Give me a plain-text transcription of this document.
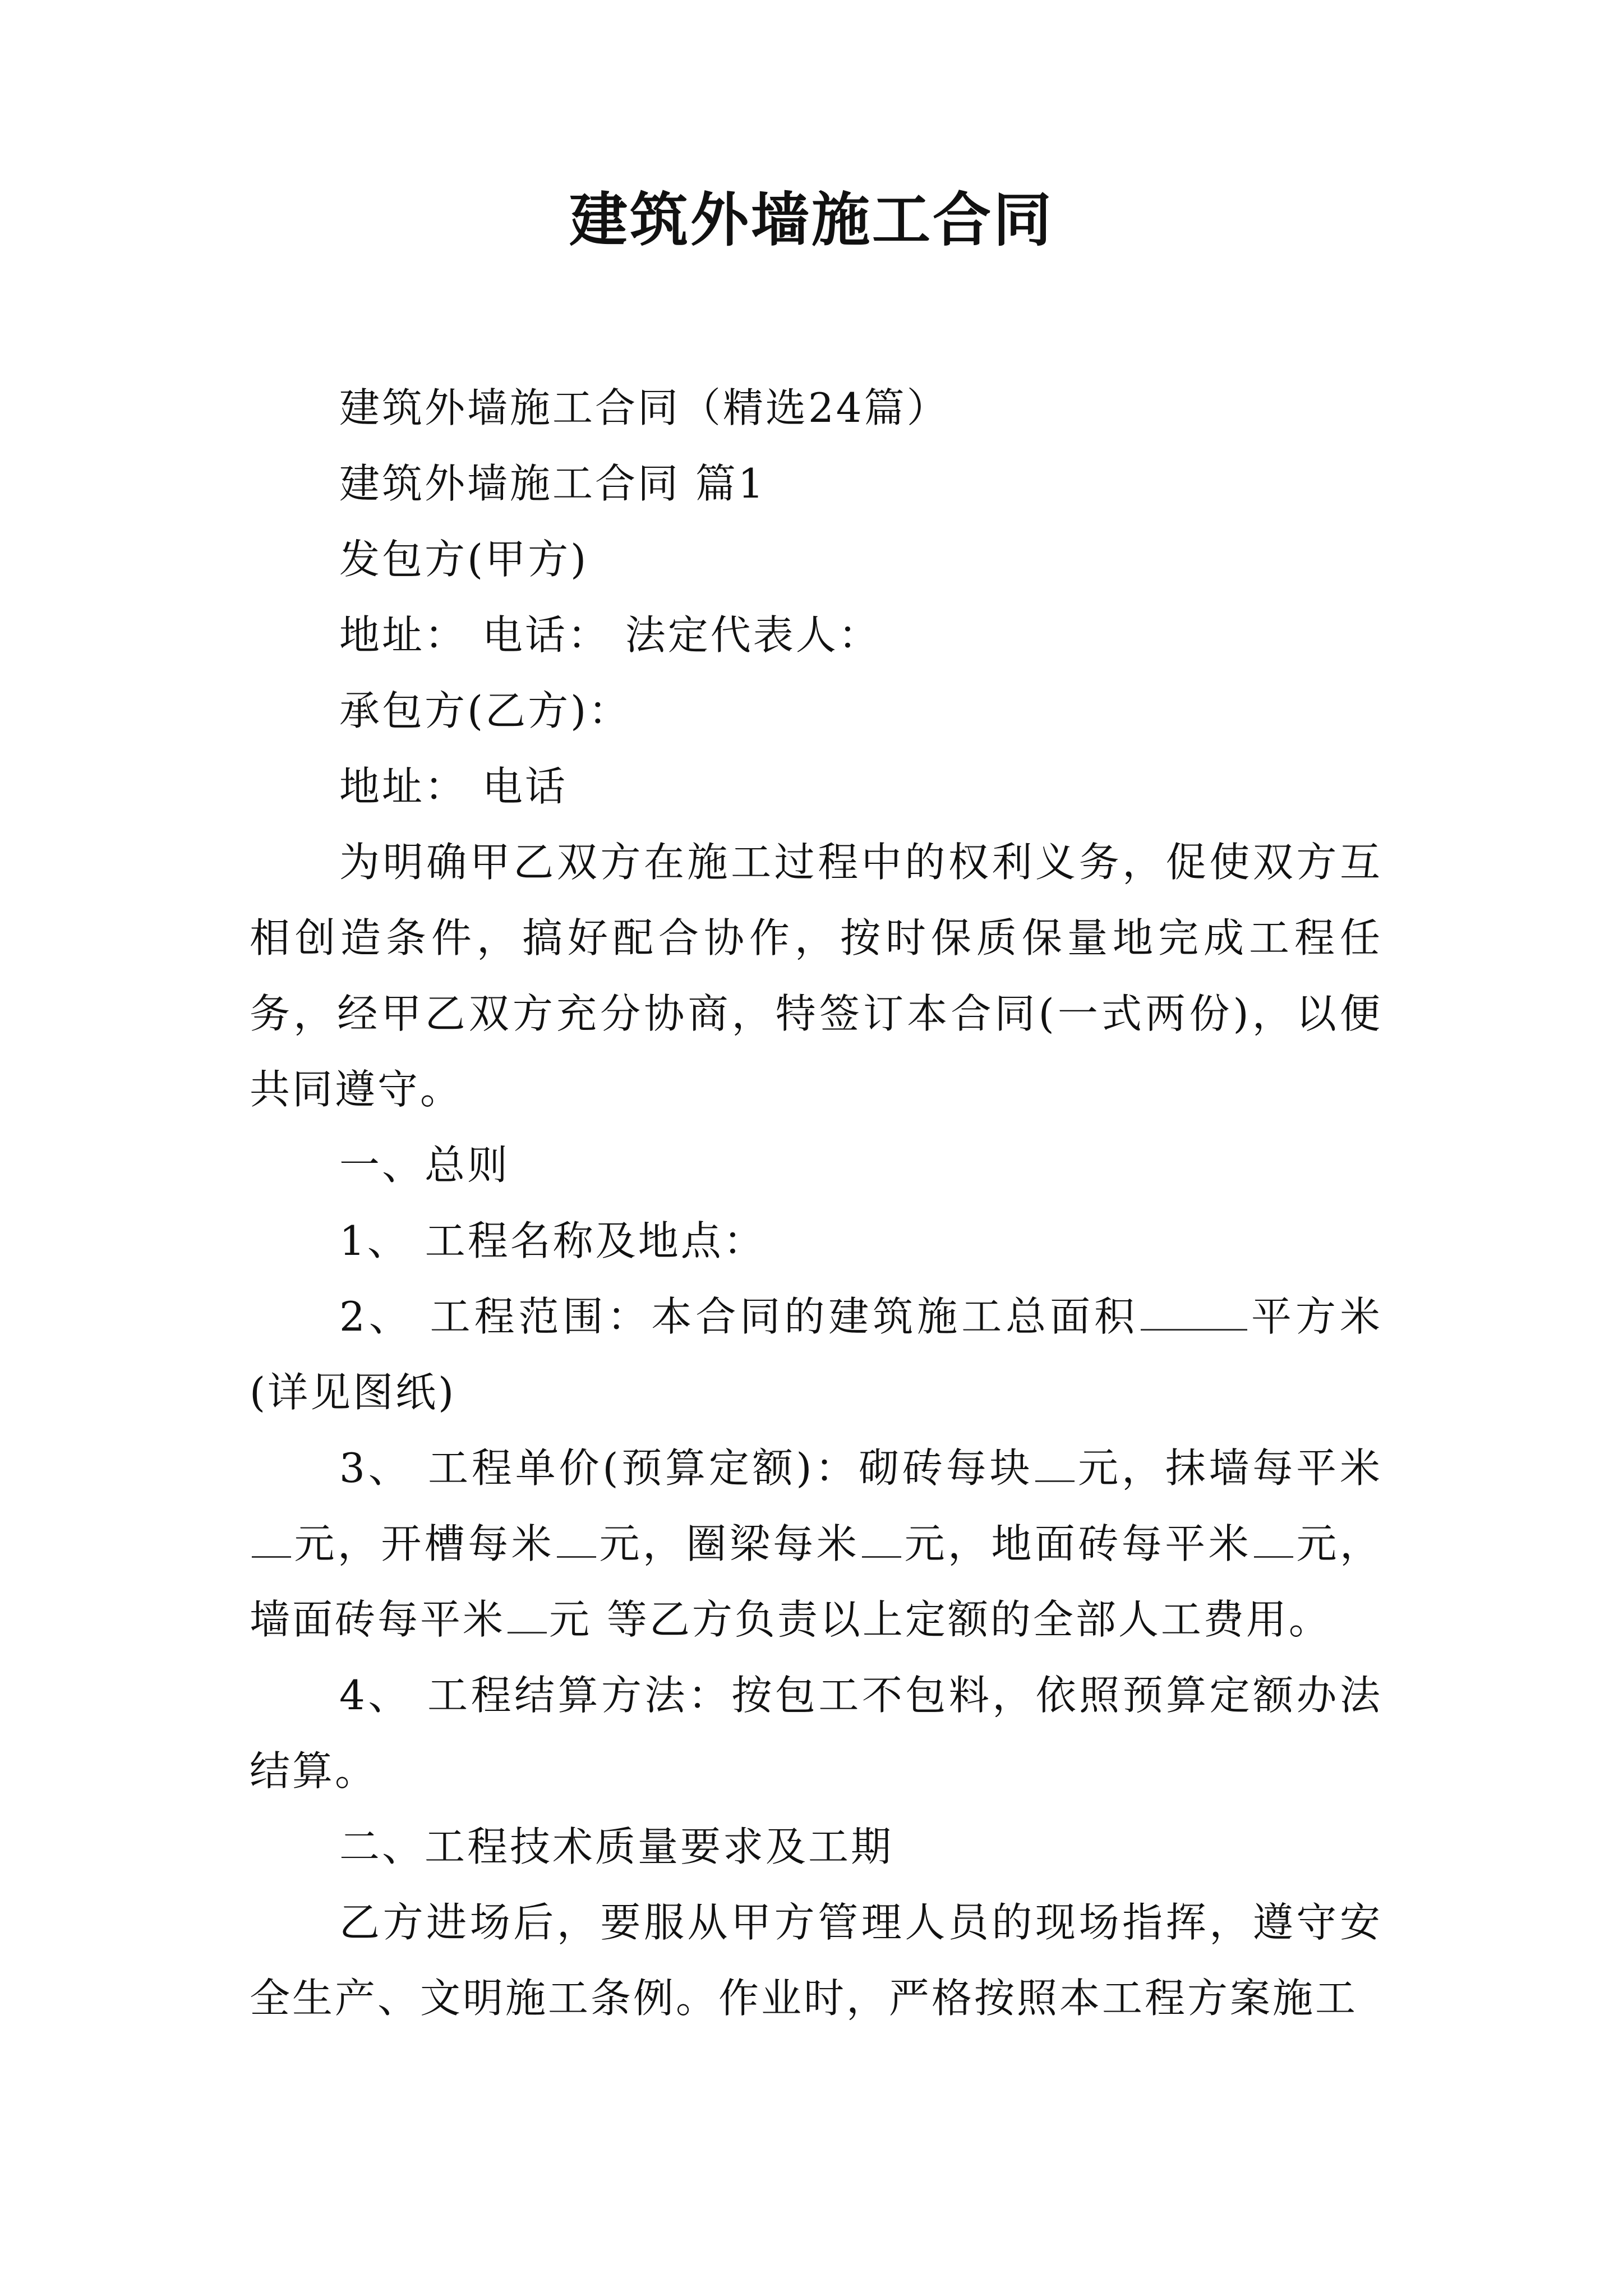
建筑外墙施工合同

建筑外墙施工合同（精选24篇）

建筑外墙施工合同 篇1

发包方(甲方)

地址： 电话： 法定代表人：

承包方(乙方)：

地址： 电话

为明确甲乙双方在施工过程中的权利义务，促使双方互相创造条件，搞好配合协作，按时保质保量地完成工程任务，经甲乙双方充分协商，特签订本合同(一式两份)，以便共同遵守。

一、总则

1、 工程名称及地点：

2、 工程范围：本合同的建筑施工总面积	平方米(详见图纸)

3、 工程单价(预算定额)：砌砖每块 元，抹墙每平米元，开槽每米 元，圈梁每米 元，地面砖每平米 元，墙面砖每平米 元 等乙方负责以上定额的全部人工费用。

4、 工程结算方法：按包工不包料，依照预算定额办法结算。

二、工程技术质量要求及工期

乙方进场后，要服从甲方管理人员的现场指挥，遵守安全生产、文明施工条例。作业时，严格按照本工程方案施工
